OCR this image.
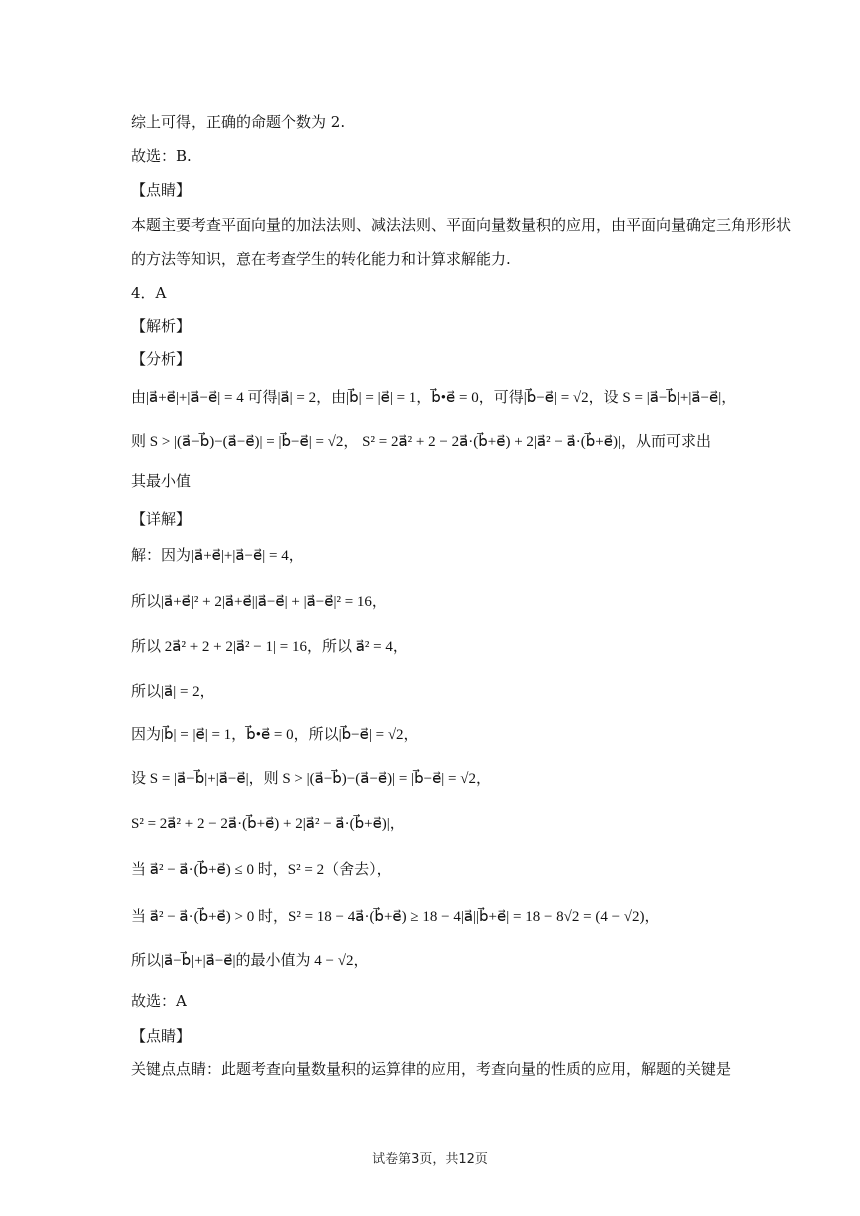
综上可得，正确的命题个数为 2.
故选：B.
【点睛】
本题主要考查平面向量的加法法则、减法法则、平面向量数量积的应用，由平面向量确定三角形形状的方法等知识，意在考查学生的转化能力和计算求解能力.
4．A
【解析】
【分析】
由|a⃗+e⃗|+|a⃗−e⃗| = 4 可得|a⃗| = 2，由|b⃗| = |e⃗| = 1，b⃗•e⃗ = 0，可得|b⃗−e⃗| = √2，设 S = |a⃗−b⃗|+|a⃗−e⃗|，
则 S > |(a⃗−b⃗)−(a⃗−e⃗)| = |b⃗−e⃗| = √2， S² = 2a⃗² + 2 − 2a⃗·(b⃗+e⃗) + 2|a⃗² − a⃗·(b⃗+e⃗)|，从而可求出
其最小值
【详解】
解：因为|a⃗+e⃗|+|a⃗−e⃗| = 4，
所以|a⃗+e⃗|² + 2|a⃗+e⃗||a⃗−e⃗| + |a⃗−e⃗|² = 16，
所以 2a⃗² + 2 + 2|a⃗² − 1| = 16，所以 a⃗² = 4，
所以|a⃗| = 2，
因为|b⃗| = |e⃗| = 1，b⃗•e⃗ = 0，所以|b⃗−e⃗| = √2，
设 S = |a⃗−b⃗|+|a⃗−e⃗|，则 S > |(a⃗−b⃗)−(a⃗−e⃗)| = |b⃗−e⃗| = √2，
S² = 2a⃗² + 2 − 2a⃗·(b⃗+e⃗) + 2|a⃗² − a⃗·(b⃗+e⃗)|，
当 a⃗² − a⃗·(b⃗+e⃗) ≤ 0 时，S² = 2（舍去），
当 a⃗² − a⃗·(b⃗+e⃗) > 0 时，S² = 18 − 4a⃗·(b⃗+e⃗) ≥ 18 − 4|a⃗||b⃗+e⃗| = 18 − 8√2 = (4 − √2)，
所以|a⃗−b⃗|+|a⃗−e⃗|的最小值为 4 − √2，
故选：A
【点睛】
关键点点睛：此题考查向量数量积的运算律的应用，考查向量的性质的应用，解题的关键是
试卷第3页，共12页
